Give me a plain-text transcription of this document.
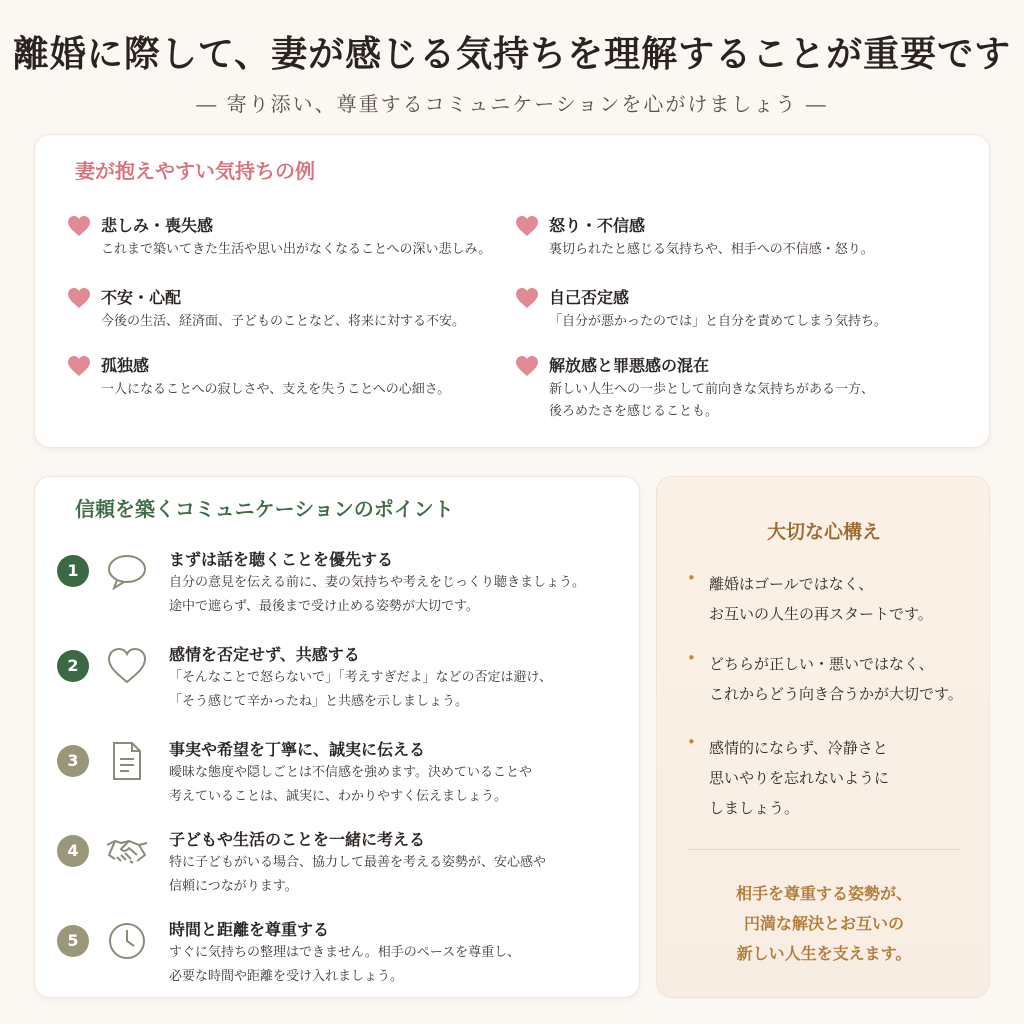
離婚に際して、妻が感じる気持ちを理解することが重要です
― 寄り添い、尊重するコミュニケーションを心がけましょう ―
妻が抱えやすい気持ちの例
悲しみ・喪失感
これまで築いてきた生活や思い出がなくなることへの深い悲しみ。
怒り・不信感
裏切られたと感じる気持ちや、相手への不信感・怒り。
不安・心配
今後の生活、経済面、子どものことなど、将来に対する不安。
自己否定感
「自分が悪かったのでは」と自分を責めてしまう気持ち。
孤独感
一人になることへの寂しさや、支えを失うことへの心細さ。
解放感と罪悪感の混在
新しい人生への一歩として前向きな気持ちがある一方、
後ろめたさを感じることも。
信頼を築くコミュニケーションのポイント
1
まずは話を聴くことを優先する
自分の意見を伝える前に、妻の気持ちや考えをじっくり聴きましょう。
途中で遮らず、最後まで受け止める姿勢が大切です。
2
感情を否定せず、共感する
「そんなことで怒らないで」「考えすぎだよ」などの否定は避け、
「そう感じて辛かったね」と共感を示しましょう。
3
事実や希望を丁寧に、誠実に伝える
曖昧な態度や隠しごとは不信感を強めます。決めていることや
考えていることは、誠実に、わかりやすく伝えましょう。
4
子どもや生活のことを一緒に考える
特に子どもがいる場合、協力して最善を考える姿勢が、安心感や
信頼につながります。
5
時間と距離を尊重する
すぐに気持ちの整理はできません。相手のペースを尊重し、
必要な時間や距離を受け入れましょう。
大切な心構え
• 離婚はゴールではなく、
お互いの人生の再スタートです。
• どちらが正しい・悪いではなく、
これからどう向き合うかが大切です。
• 感情的にならず、冷静さと
思いやりを忘れないように
しましょう。
相手を尊重する姿勢が、
円満な解決とお互いの
新しい人生を支えます。
